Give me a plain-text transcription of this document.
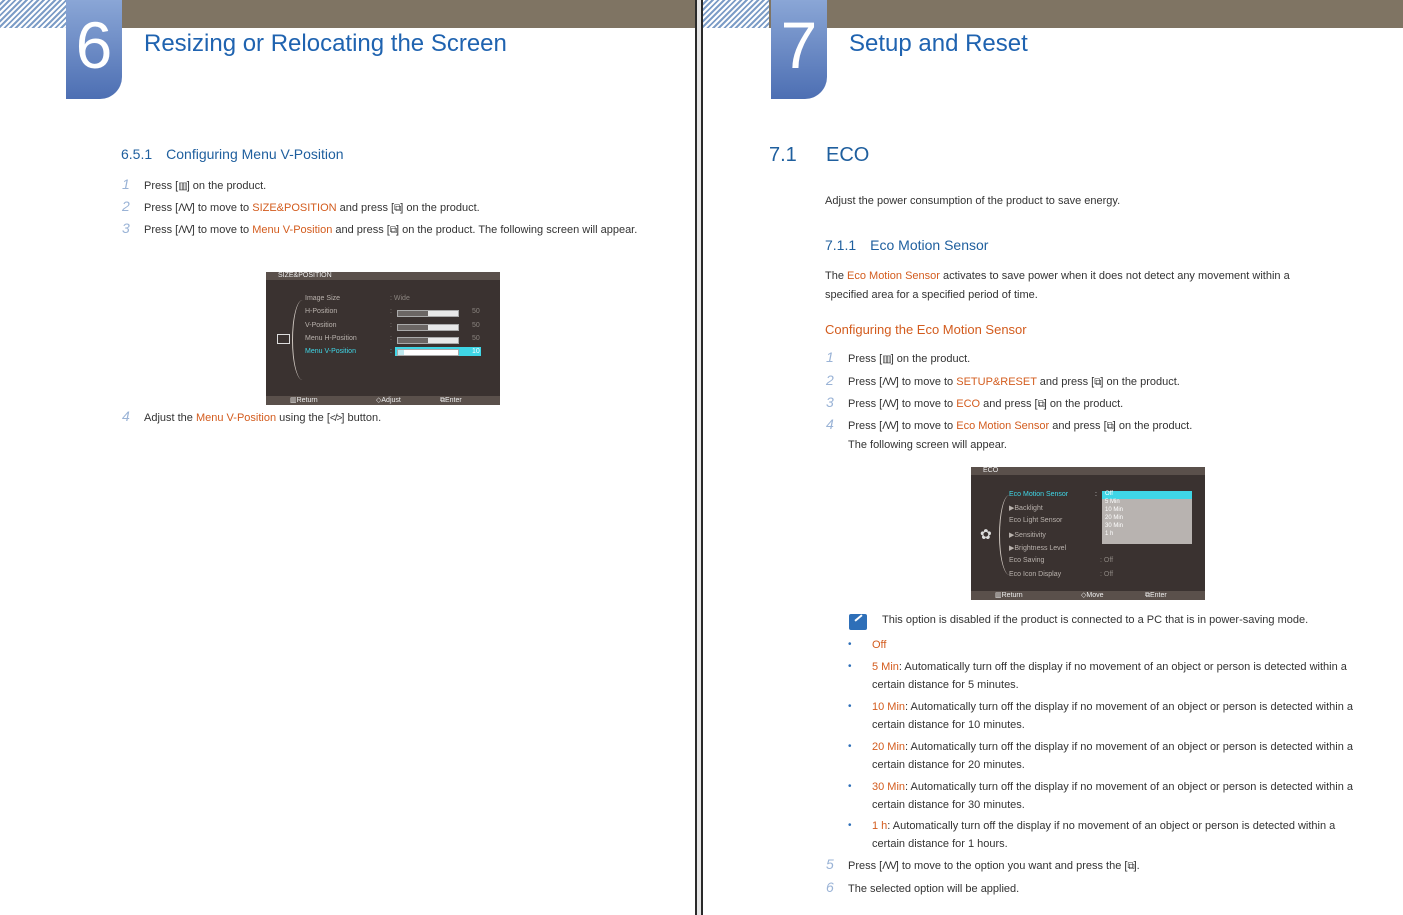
6	Resizing or Relocating the Screen
6.5.1 Configuring Menu V-Position
1 Press [▥] on the product.
2 Press [ᐱ/ᐯ] to move to SIZE&POSITION and press [⧉] on the product.
3 Press [ᐱ/ᐯ] to move to Menu V-Position and press [⧉] on the product. The following screen will appear.
SIZE&POSITION
Image Size	: Wide
H-Position	:	50
V-Position	:	50
Menu H-Position	:	50
Menu V-Position	:	10
▥ Return	◇ Adjust	⧉ Enter
4 Adjust the Menu V-Position using the [</>] button.
7	Setup and Reset
7.1 ECO
Adjust the power consumption of the product to save energy.
7.1.1 Eco Motion Sensor
The Eco Motion Sensor activates to save power when it does not detect any movement within a specified area for a specified period of time.
Configuring the Eco Motion Sensor
1 Press [▥] on the product.
2 Press [ᐱ/ᐯ] to move to SETUP&RESET and press [⧉] on the product.
3 Press [ᐱ/ᐯ] to move to ECO and press [⧉] on the product.
4 Press [ᐱ/ᐯ] to move to Eco Motion Sensor and press [⧉] on the product.
The following screen will appear.
ECO
✿
Eco Motion Sensor	:
▶Backlight
Eco Light Sensor
▶Sensitivity
▶Brightness Level
Eco Saving	: Off
Eco Icon Display	: Off
Off
5 Min
10 Min
20 Min
30 Min
1 h
▥ Return	◇ Move	⧉ Enter
This option is disabled if the product is connected to a PC that is in power-saving mode.
• Off
• 5 Min: Automatically turn off the display if no movement of an object or person is detected within a certain distance for 5 minutes.
• 10 Min: Automatically turn off the display if no movement of an object or person is detected within a certain distance for 10 minutes.
• 20 Min: Automatically turn off the display if no movement of an object or person is detected within a certain distance for 20 minutes.
• 30 Min: Automatically turn off the display if no movement of an object or person is detected within a certain distance for 30 minutes.
• 1 h: Automatically turn off the display if no movement of an object or person is detected within a certain distance for 1 hours.
5 Press [ᐱ/ᐯ] to move to the option you want and press the [⧉].
6 The selected option will be applied.
